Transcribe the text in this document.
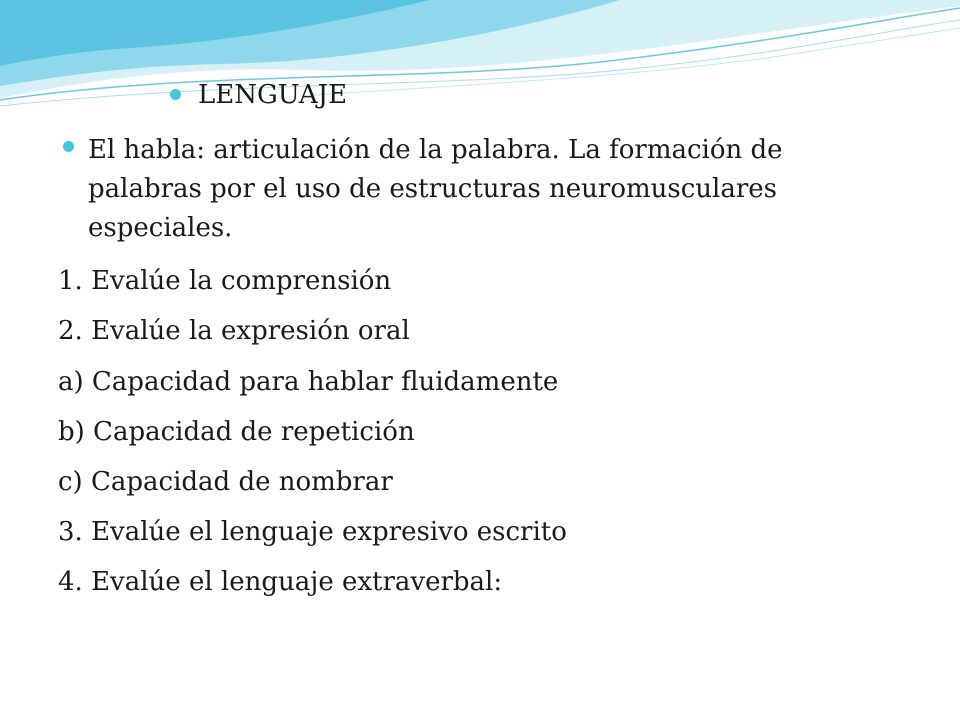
LENGUAJE
El habla: articulación de la palabra. La formación de palabras por el uso de estructuras neuromusculares especiales.
1. Evalúe la comprensión
2. Evalúe la expresión oral
a) Capacidad para hablar fluidamente
b) Capacidad de repetición
c) Capacidad de nombrar
3. Evalúe el lenguaje expresivo escrito
4. Evalúe el lenguaje extraverbal:
